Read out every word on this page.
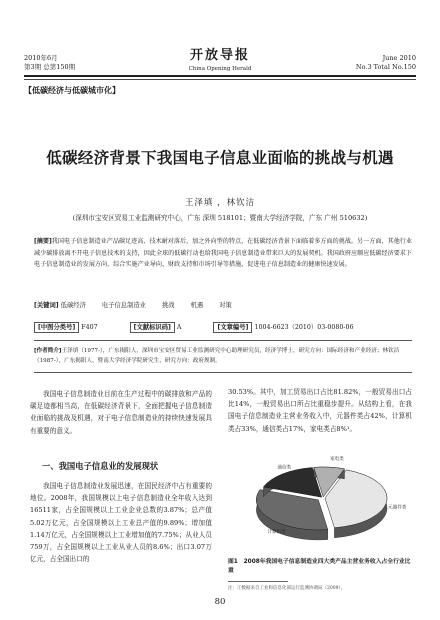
2010年6月
第3期 总第150期
开放导报
China Opening Herald
June 2010
No.3 Total No.150
【低碳经济与低碳城市化】
低碳经济背景下我国电子信息业面临的挑战与机遇
王泽填 ，林钦洁
(深圳市宝安区贸易工业监测研究中心，广东 深圳 518101；暨南大学经济学院，广东 广州 510632)
[摘要]我国电子信息制造业产品碳足迹高、技术耐对落后，加之外向型的特点，在低碳经济背景下面临着多方面的挑战。另一方面，其他行业减少碳排放离不开电子信息技术的支持，因此全球的低碳行动也给我国电子信息制造业带来巨大的发展契机。我国政府应顺应低碳经济要求下电子信息制造业的发展方向，综合实施产业导向、财政支持和市场引导等措施，促进电子信息制造业的健康快速发展。
[关键词] 低碳经济	电子信息制造业	挑战	机遇	对策
[中图分类号] F407	[文献标识码] A	[文章编号] 1004-6623（2010）03-0080-06
[作者简介]王泽填（1977-），广东揭阳人，深圳市宝安区贸易工业监测研究中心助理研究员，经济学博士，研究方向：国际经济和产业经济；林钦洁（1987-），广东揭阳人，暨南大学经济学院研究生，研究方向：政府规制。
我国电子信息制造业目前在生产过程中的碳排放和产品的碳足迹都相当高，在低碳经济背景下，全面把握电子信息制造业面临的挑战及机遇，对于电子信息制造业的持续快速发展具有重要的意义。
一、我国电子信息业的发展现状
我国电子信息制造业发展迅速，在国民经济中占有重要的地位。2008年，我国规模以上电子信息制造业全年收入达到16511家，占全国规模以上工业企业总数的3.87%；总产值5.02万亿元，占全国规模以上工业总产值的9.89%；增加值1.14万亿元，占全国规模以上工业增加值的7.75%；从业人员759万，占全国规模以上工业从业人员的8.6%；出口3.07万亿元，占全国出口的
30.53%。其中，加工贸易出口占比81.82%，一般贸易出口占比14%，一般贸易出口所占比重稳步提升。从结构上看，在我国电子信息制造业主营业务收入中，元器件类占42%，计算机类占33%，通信类占17%，家电类占8%¹。
元器件类
计算机类
通信类
家电类
图1　2008年我国电子信息制造业四大类产品主营业务收入占全行业比重
注：①数据来自工业和信息化部运行监测协调局（2009）。
80
